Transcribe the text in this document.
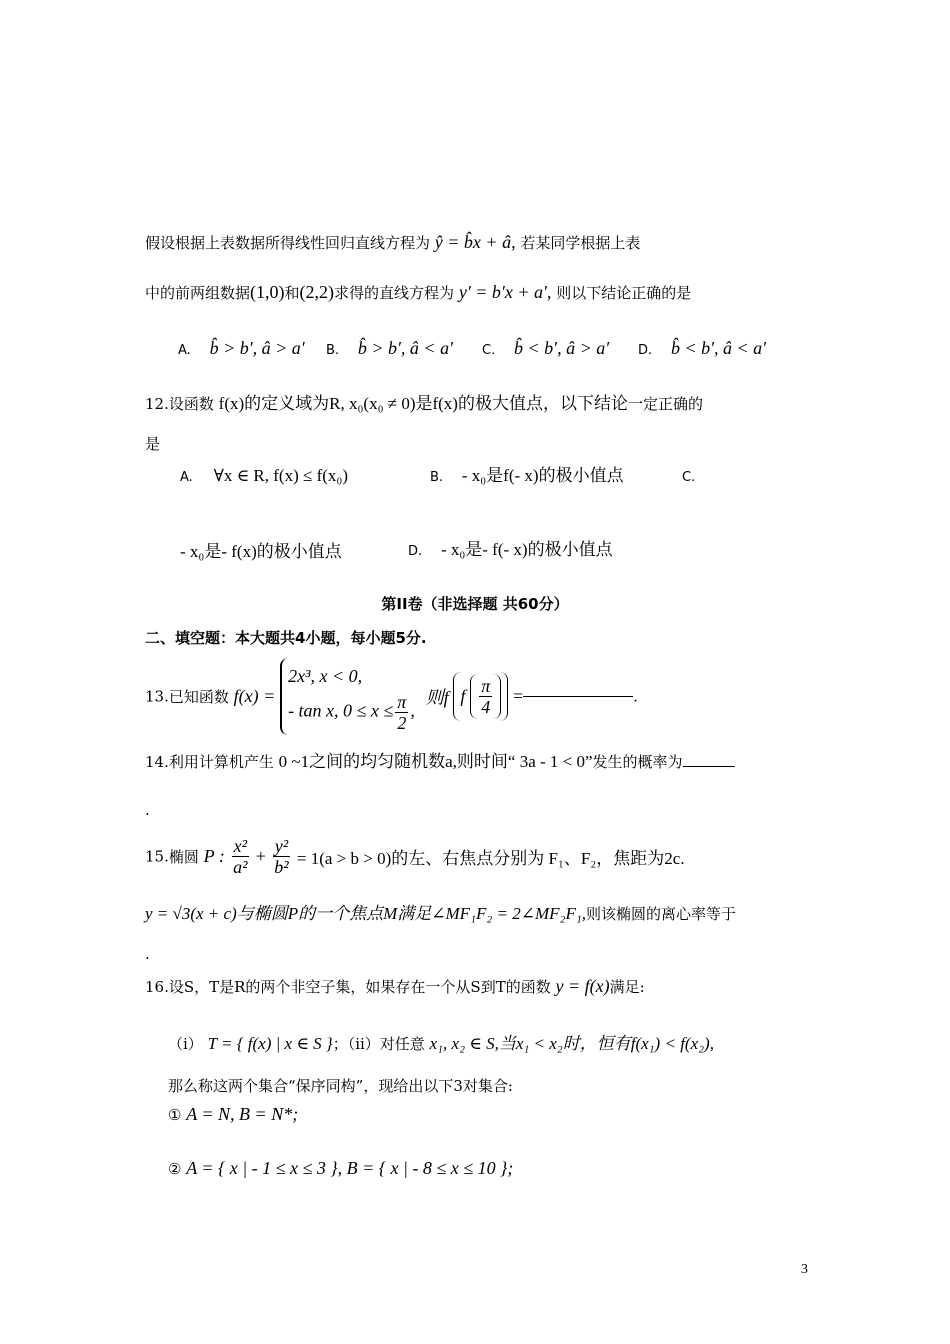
假设根据上表数据所得线性回归直线方程为 ŷ = b̂x + â, 若某同学根据上表
中的前两组数据(1,0)和(2,2)求得的直线方程为 y′ = b′x + a′, 则以下结论正确的是
A. b̂ > b′, â > a′ B. b̂ > b′, â < a′ C. b̂ < b′, â > a′ D. b̂ < b′, â < a′
12.设函数 f(x)的定义域为R, x₀(x₀ ≠ 0)是f(x)的极大值点，以下结论一定正确的
是
A. ∀x ∈ R, f(x) ≤ f(x₀)	B. - x₀是f(- x)的极小值点	C.
- x₀是- f(x)的极小值点	D. - x₀是- f(- x)的极小值点
第II卷（非选择题 共60分）
二、填空题：本大题共4小题，每小题5分.
13.已知函数 f(x) =
2x³, x < 0,
- tan x, $0 \le x \le \frac{\pi}{2}$ ,
则f f $\frac{\pi}{4}$ =	.
14.利用计算机产生 0 ~1之间的均匀随机数a,则时间“ 3a - 1 < 0”发生的概率为
.
15.椭圆 P : $\frac{\text{x²}}{\text{a²}} + \frac{\text{y²}}{\text{b²}} = 1(a > b > 0)$的左、右焦点分别为 F₁、F₂，焦距为2c.
y = √3(x + c)与椭圆P的一个焦点M满足∠MF₁F₂ = 2∠MF₂F₁,则该椭圆的离心率等于
.
16.设S，T是R的两个非空子集，如果存在一个从S到T的函数 y = f(x)满足:
（i） T = { f(x) | x ∈ S }；（ii）对任意 x₁, x₂ ∈ S,当x₁ < x₂时，恒有f(x₁) < f(x₂),
那么称这两个集合“保序同构”，现给出以下3对集合:
① A = N, B = N*;
② A = { x | - 1 ≤ x ≤ 3 }, B = { x | - 8 ≤ x ≤ 10 };
3
